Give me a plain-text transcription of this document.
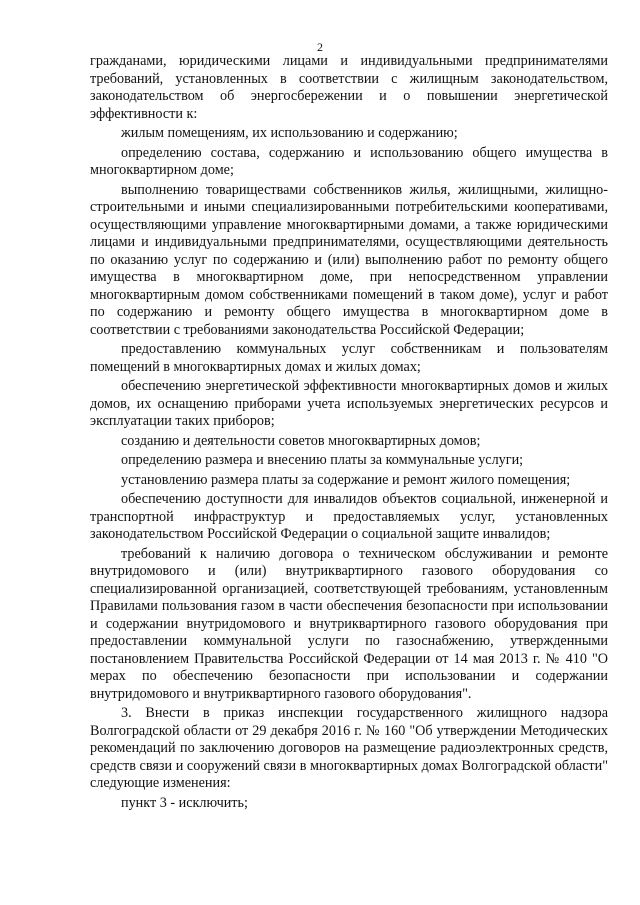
2

гражданами, юридическими лицами и индивидуальными предпринимателями требований, установленных в соответствии с жилищным законодательством, законодательством об энергосбережении и о повышении энергетической эффективности к:

жилым помещениям, их использованию и содержанию;

определению состава, содержанию и использованию общего имущества в многоквартирном доме;

выполнению товариществами собственников жилья, жилищными, жилищно-строительными и иными специализированными потребительскими кооперативами, осуществляющими управление многоквартирными домами, а также юридическими лицами и индивидуальными предпринимателями, осуществляющими деятельность по оказанию услуг по содержанию и (или) выполнению работ по ремонту общего имущества в многоквартирном доме, при непосредственном управлении многоквартирным домом собственниками помещений в таком доме), услуг и работ по содержанию и ремонту общего имущества в многоквартирном доме в соответствии с требованиями законодательства Российской Федерации;

предоставлению коммунальных услуг собственникам и пользователям помещений в многоквартирных домах и жилых домах;

обеспечению энергетической эффективности многоквартирных домов и жилых домов, их оснащению приборами учета используемых энергетических ресурсов и эксплуатации таких приборов;

созданию и деятельности советов многоквартирных домов;

определению размера и внесению платы за коммунальные услуги;

установлению размера платы за содержание и ремонт жилого помещения;

обеспечению доступности для инвалидов объектов социальной, инженерной и транспортной инфраструктур и предоставляемых услуг, установленных законодательством Российской Федерации о социальной защите инвалидов;

требований к наличию договора о техническом обслуживании и ремонте внутридомового и (или) внутриквартирного газового оборудования со специализированной организацией, соответствующей требованиям, установленным Правилами пользования газом в части обеспечения безопасности при использовании и содержании внутридомового и внутриквартирного газового оборудования при предоставлении коммунальной услуги по газоснабжению, утвержденными постановлением Правительства Российской Федерации от 14 мая 2013 г. № 410 "О мерах по обеспечению безопасности при использовании и содержании внутридомового и внутриквартирного газового оборудования".

3. Внести в приказ инспекции государственного жилищного надзора Волгоградской области от 29 декабря 2016 г. № 160 "Об утверждении Методических рекомендаций по заключению договоров на размещение радиоэлектронных средств, средств связи и сооружений связи в многоквартирных домах Волгоградской области" следующие изменения:

пункт 3 - исключить;
